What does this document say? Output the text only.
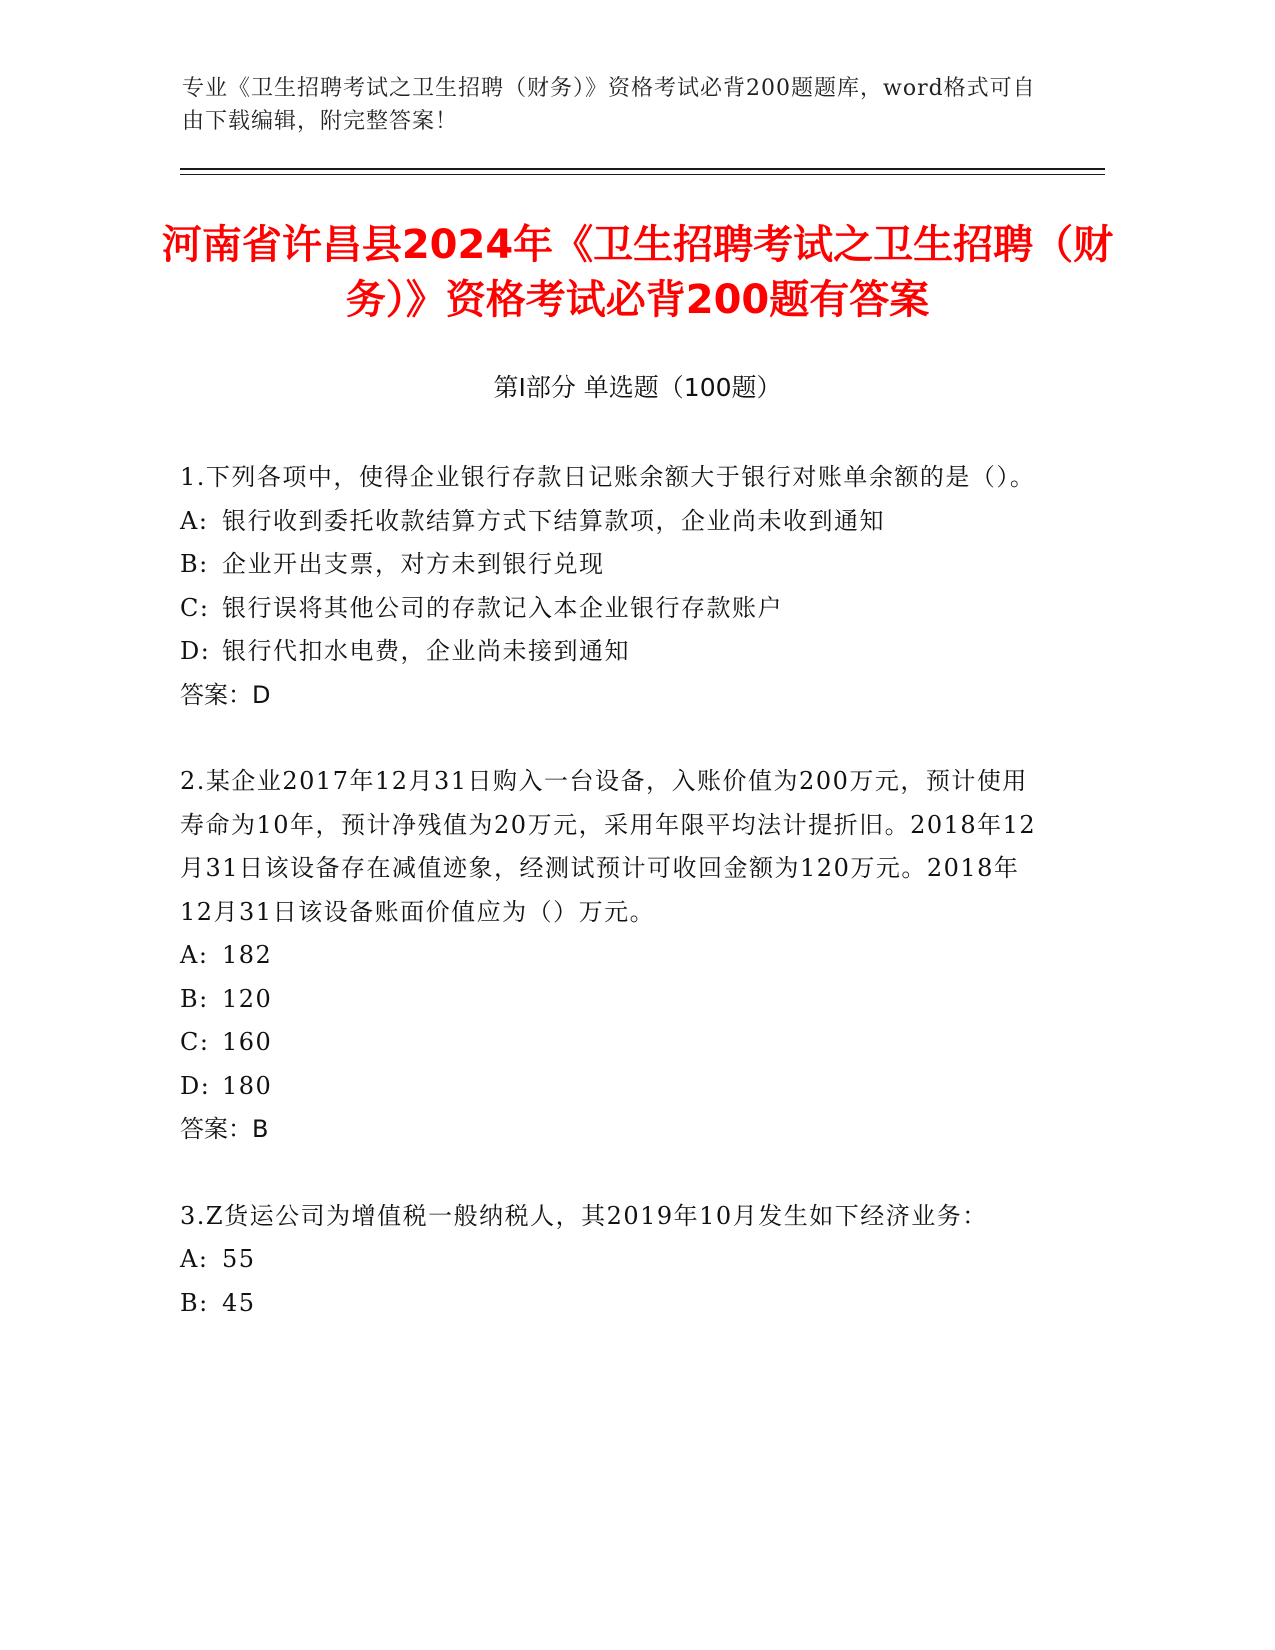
专业《卫生招聘考试之卫生招聘（财务）》资格考试必背200题题库，word格式可自由下载编辑，附完整答案！
河南省许昌县2024年《卫生招聘考试之卫生招聘（财务）》资格考试必背200题有答案
第Ⅰ部分 单选题（100题）

1.下列各项中，使得企业银行存款日记账余额大于银行对账单余额的是（）。

A: 银行收到委托收款结算方式下结算款项，企业尚未收到通知

B: 企业开出支票，对方未到银行兑现

C: 银行误将其他公司的存款记入本企业银行存款账户

D: 银行代扣水电费，企业尚未接到通知

答案：D

2.某企业2017年12月31日购入一台设备，入账价值为200万元，预计使用寿命为10年，预计净残值为20万元，采用年限平均法计提折旧。2018年12月31日该设备存在减值迹象，经测试预计可收回金额为120万元。2018年12月31日该设备账面价值应为（）万元。

A: 182

B: 120

C: 160

D: 180

答案：B

3.Z货运公司为增值税一般纳税人，其2019年10月发生如下经济业务：

A: 55

B: 45
